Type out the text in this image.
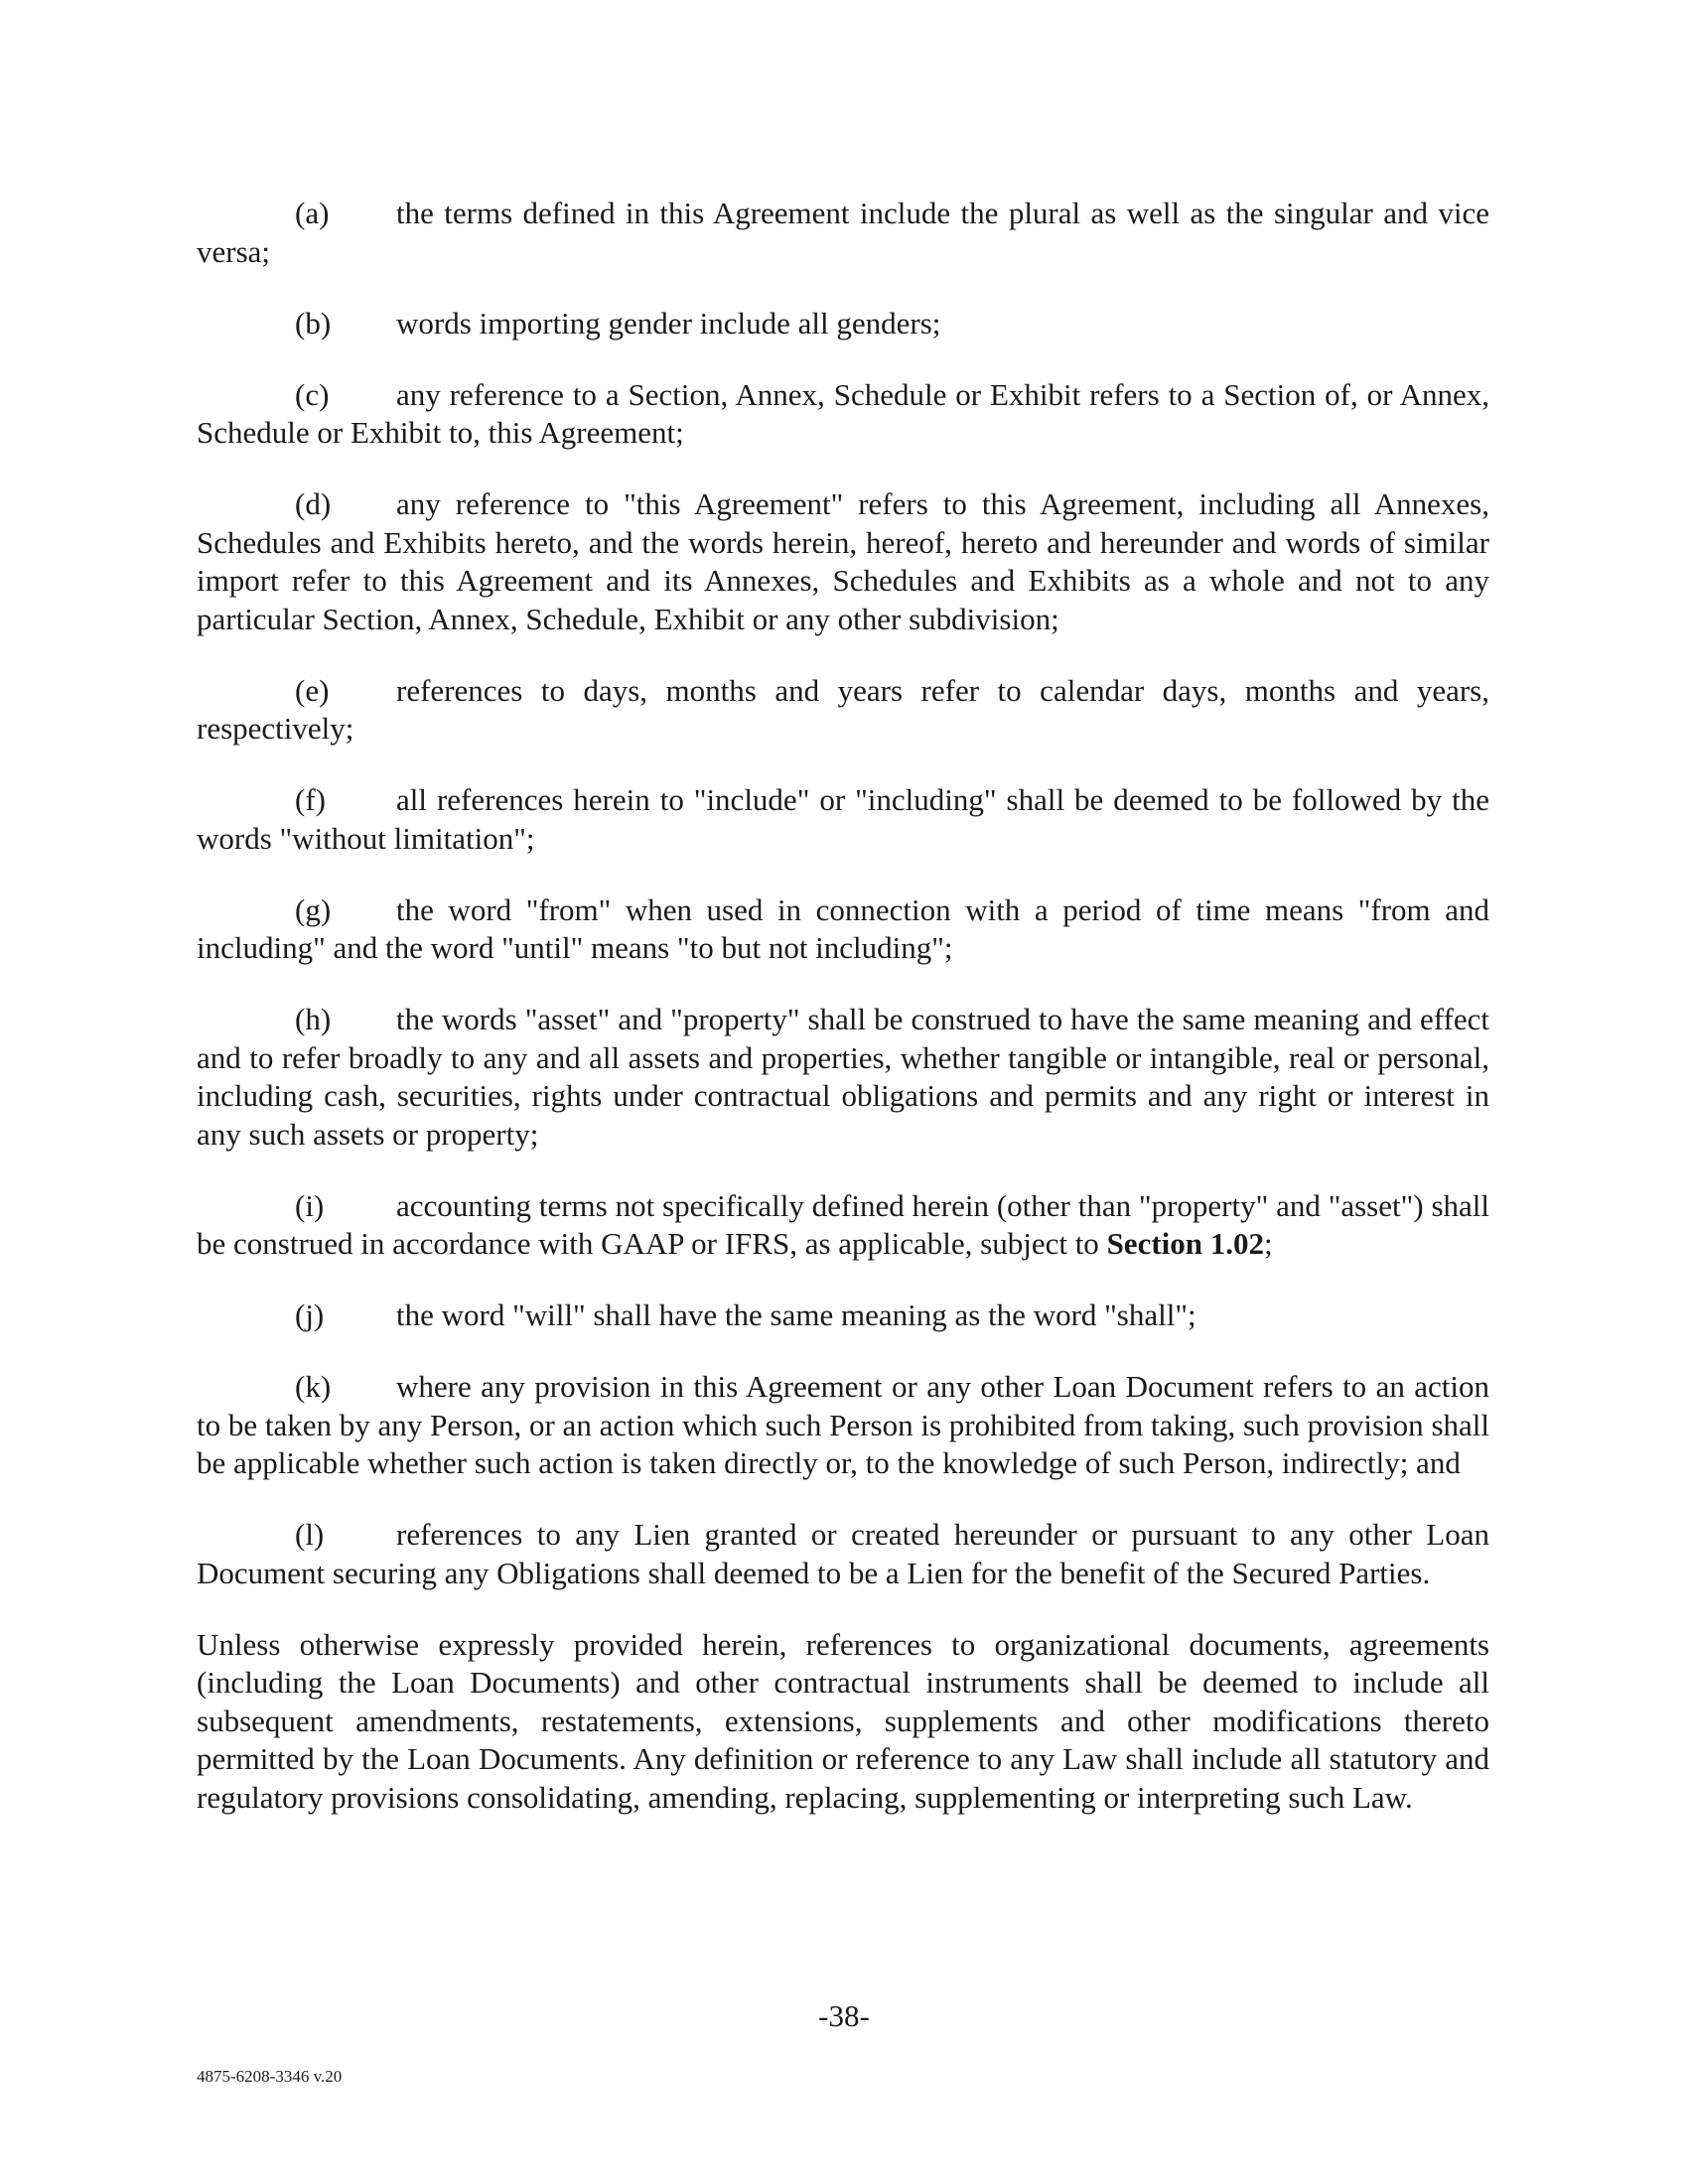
(a) the terms defined in this Agreement include the plural as well as the singular and vice versa;

(b) words importing gender include all genders;

(c) any reference to a Section, Annex, Schedule or Exhibit refers to a Section of, or Annex, Schedule or Exhibit to, this Agreement;

(d) any reference to "this Agreement" refers to this Agreement, including all Annexes, Schedules and Exhibits hereto, and the words herein, hereof, hereto and hereunder and words of similar import refer to this Agreement and its Annexes, Schedules and Exhibits as a whole and not to any particular Section, Annex, Schedule, Exhibit or any other subdivision;

(e) references to days, months and years refer to calendar days, months and years, respectively;

(f) all references herein to "include" or "including" shall be deemed to be followed by the words "without limitation";

(g) the word "from" when used in connection with a period of time means "from and including" and the word "until" means "to but not including";

(h) the words "asset" and "property" shall be construed to have the same meaning and effect and to refer broadly to any and all assets and properties, whether tangible or intangible, real or personal, including cash, securities, rights under contractual obligations and permits and any right or interest in any such assets or property;

(i) accounting terms not specifically defined herein (other than "property" and "asset") shall be construed in accordance with GAAP or IFRS, as applicable, subject to Section 1.02;

(j) the word "will" shall have the same meaning as the word "shall";

(k) where any provision in this Agreement or any other Loan Document refers to an action to be taken by any Person, or an action which such Person is prohibited from taking, such provision shall be applicable whether such action is taken directly or, to the knowledge of such Person, indirectly; and

(l) references to any Lien granted or created hereunder or pursuant to any other Loan Document securing any Obligations shall deemed to be a Lien for the benefit of the Secured Parties.

Unless otherwise expressly provided herein, references to organizational documents, agreements (including the Loan Documents) and other contractual instruments shall be deemed to include all subsequent amendments, restatements, extensions, supplements and other modifications thereto permitted by the Loan Documents. Any definition or reference to any Law shall include all statutory and regulatory provisions consolidating, amending, replacing, supplementing or interpreting such Law.

-38-
4875-6208-3346 v.20
